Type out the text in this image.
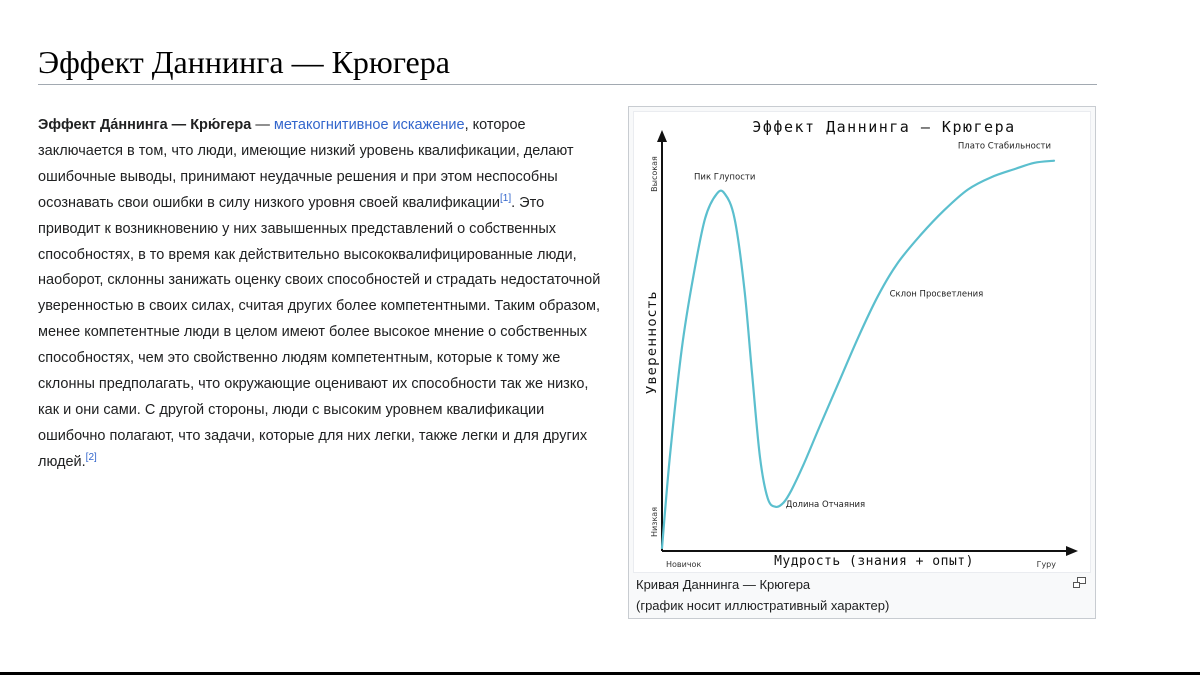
Эффект Даннинга — Крюгера

Эффект Да́ннинга — Крю́гера — метакогнитивное искажение, которое заключается в том, что люди, имеющие низкий уровень квалификации, делают ошибочные выводы, принимают неудачные решения и при этом неспособны осознавать свои ошибки в силу низкого уровня своей квалификации[1]. Это приводит к возникновению у них завышенных представлений о собственных способностях, в то время как действительно высококвалифицированные люди, наоборот, склонны занижать оценку своих способностей и страдать недостаточной уверенностью в своих силах, считая других более компетентными. Таким образом, менее компетентные люди в целом имеют более высокое мнение о собственных способностях, чем это свойственно людям компетентным, которые к тому же склонны предполагать, что окружающие оценивают их способности так же низко, как и они сами. С другой стороны, люди с высоким уровнем квалификации ошибочно полагают, что задачи, которые для них легки, также легки и для других людей.[2]

Эффект Даннинга — Крюгера
Уверенность
Высокая
Низкая
Мудрость (знания + опыт)
Новичок	Гуру
Пик Глупости
Долина Отчаяния
Склон Просветления
Плато Стабильности
Кривая Даннинга — Крюгера
(график носит иллюстративный характер)
